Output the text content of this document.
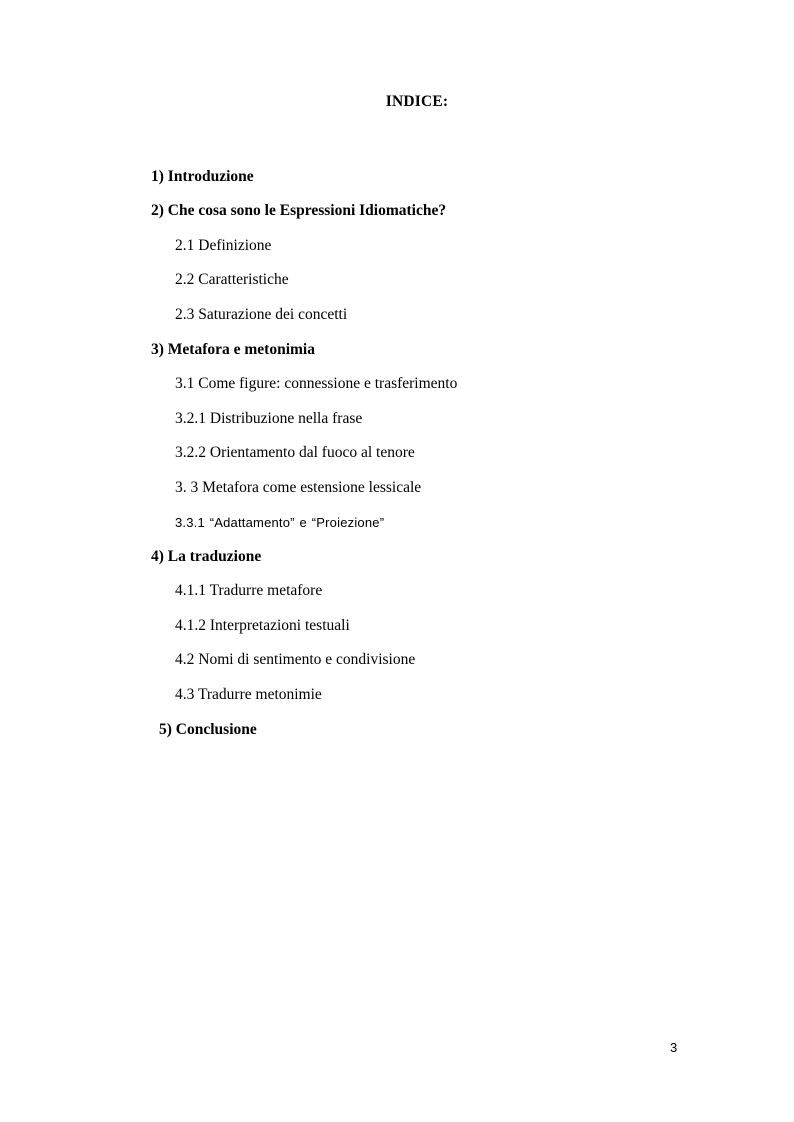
INDICE:
1) Introduzione
2) Che cosa sono le Espressioni Idiomatiche?
2.1 Definizione
2.2 Caratteristiche
2.3 Saturazione dei concetti
3) Metafora e metonimia
3.1 Come figure: connessione e trasferimento
3.2.1 Distribuzione nella frase
3.2.2 Orientamento dal fuoco al tenore
3. 3 Metafora come estensione lessicale
3.3.1 “Adattamento” e “Proiezione”
4) La traduzione
4.1.1 Tradurre metafore
4.1.2 Interpretazioni testuali
4.2 Nomi di sentimento e condivisione
4.3 Tradurre metonimie
5) Conclusione
3
